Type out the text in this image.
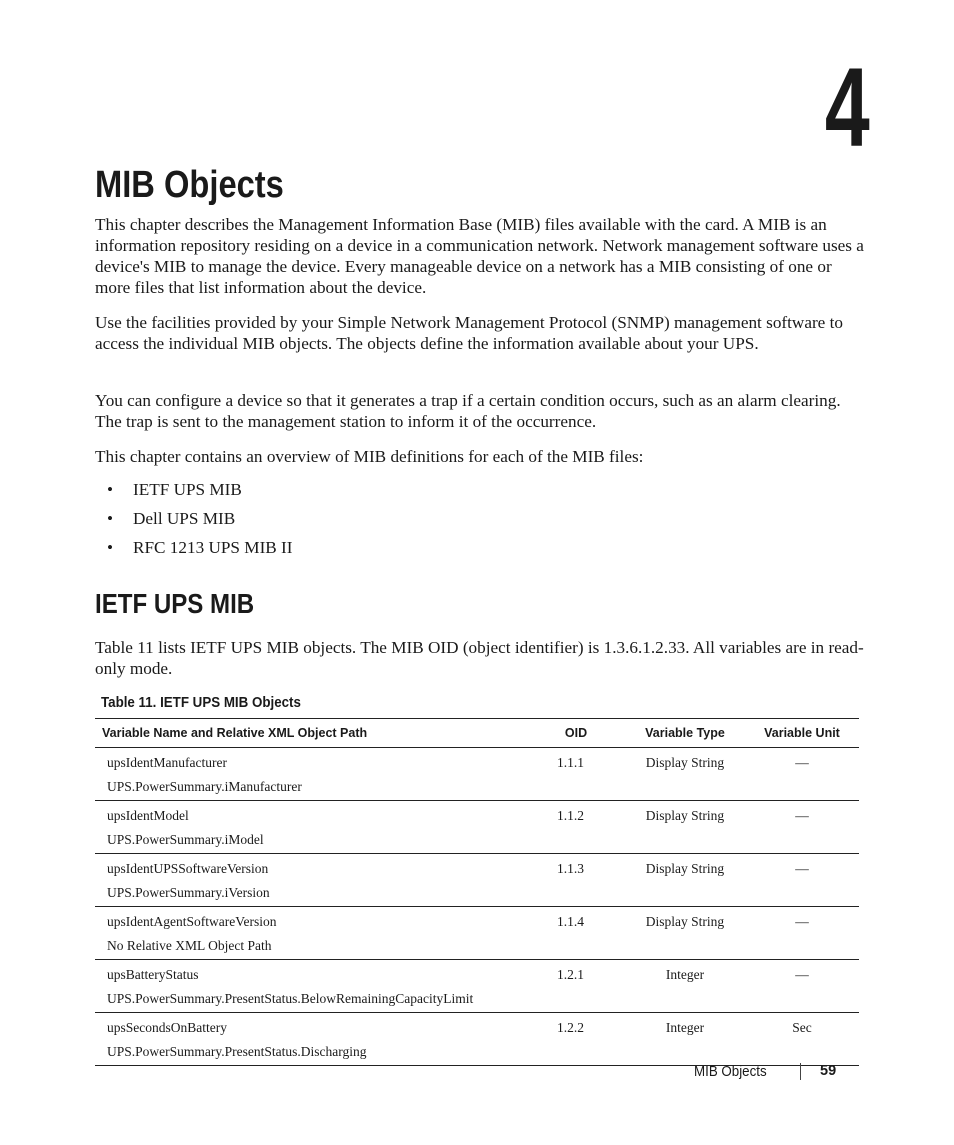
4
MIB Objects

This chapter describes the Management Information Base (MIB) files available with the card. A MIB is an information repository residing on a device in a communication network. Network management software uses a device's MIB to manage the device. Every manageable device on a network has a MIB consisting of one or more files that list information about the device.

Use the facilities provided by your Simple Network Management Protocol (SNMP) management software to access the individual MIB objects. The objects define the information available about your UPS.

You can configure a device so that it generates a trap if a certain condition occurs, such as an alarm clearing. The trap is sent to the management station to inform it of the occurrence.

This chapter contains an overview of MIB definitions for each of the MIB files:

•	IETF UPS MIB
•	Dell UPS MIB
•	RFC 1213 UPS MIB II
IETF UPS MIB

Table 11 lists IETF UPS MIB objects. The MIB OID (object identifier) is 1.3.6.1.2.33. All variables are in read-only mode.

Table 11. IETF UPS MIB Objects
Variable Name and Relative XML Object Path	OID	Variable Type	Variable Unit

upsIdentManufacturer
UPS.PowerSummary.iManufacturer	1.1.1	Display String	—

upsIdentModel
UPS.PowerSummary.iModel	1.1.2	Display String	—

upsIdentUPSSoftwareVersion
UPS.PowerSummary.iVersion	1.1.3	Display String	—

upsIdentAgentSoftwareVersion
No Relative XML Object Path	1.1.4	Display String	—

upsBatteryStatus
UPS.PowerSummary.PresentStatus.BelowRemainingCapacityLimit	1.2.1	Integer	—

upsSecondsOnBattery
UPS.PowerSummary.PresentStatus.Discharging	1.2.2	Integer	Sec
MIB Objects	59
